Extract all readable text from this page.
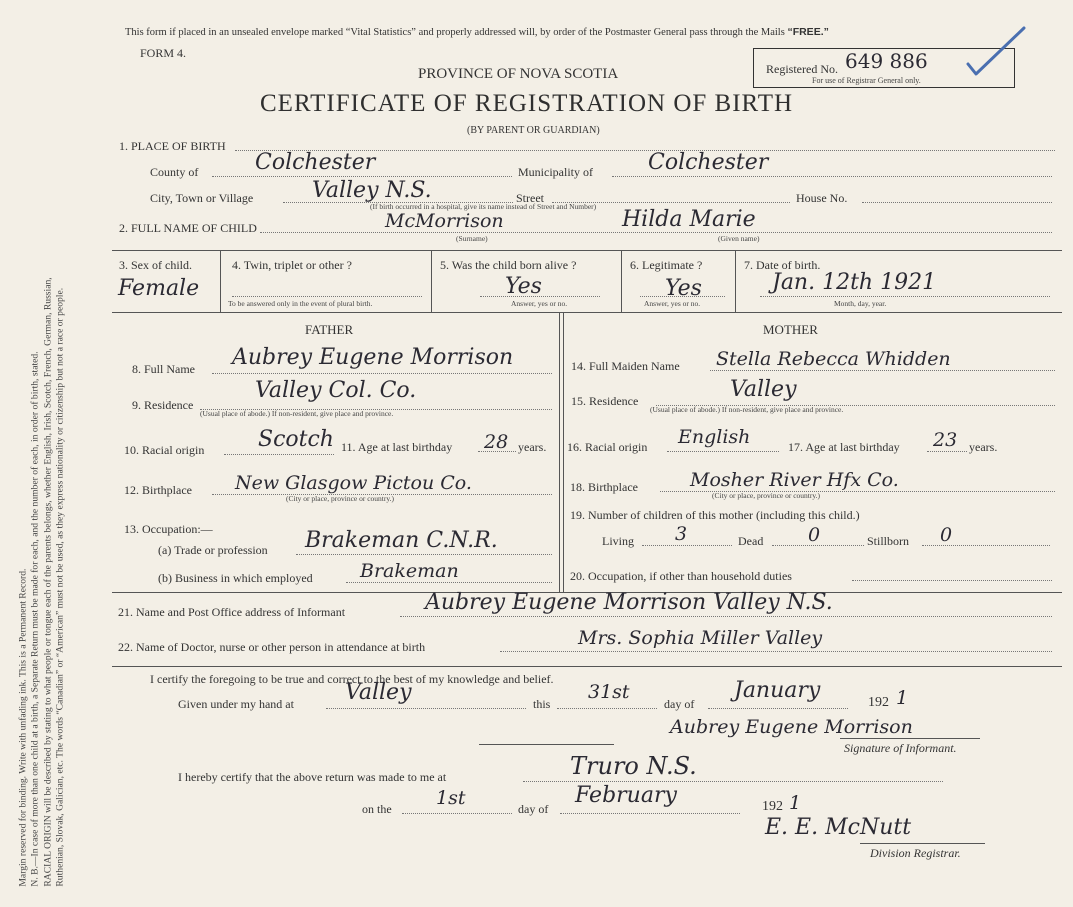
Margin reserved for binding. Write with unfading ink. This is a Permanent Record. N. B.—In case of more than one child at a birth, a Separate Return must be made for each, and the number of each, in order of birth, stated. RACIAL ORIGIN will be described by stating to what people or tongue each of the parents belongs, whether English, Irish, Scotch, French, German, Russian, Ruthenian, Slovak, Galician, etc. The words “Canadian” or “American” must not be used, as they express nationality or citizenship but not a race or people.
This form if placed in an unsealed envelope marked “Vital Statistics” and properly addressed will, by order of the Postmaster General pass through the Mails “FREE.”
FORM 4.
PROVINCE OF NOVA SCOTIA
CERTIFICATE OF REGISTRATION OF BIRTH
(BY PARENT OR GUARDIAN)
Registered No. 649 886
For use of Registrar General only.
1. PLACE OF BIRTH
County of	Colchester	Municipality of	Colchester
City, Town or Village	Valley N.S.	Street	House No.
(If birth occurred in a hospital, give its name instead of Street and Number)
2. FULL NAME OF CHILD	McMorrison	Hilda Marie
(Surname)	(Given name)
3. Sex of child.
Female
4. Twin, triplet or other ?
To be answered only in the event of plural birth.
5. Was the child born alive ?
Yes
Answer, yes or no.
6. Legitimate ?
Yes
Answer, yes or no.
7. Date of birth.
Jan. 12th 1921
Month, day, year.
FATHER
8. Full Name Aubrey Eugene Morrison
9. Residence
Valley Col. Co.
(Usual place of abode.) If non-resident, give place and province.
10. Racial origin Scotch 11. Age at last birthday 28 years.
12. Birthplace New Glasgow Pictou Co.
(City or place, province or country.)
13. Occupation:—
(a) Trade or profession Brakeman C.N.R.
(b) Business in which employed Brakeman
MOTHER
14. Full Maiden Name Stella Rebecca Whidden
15. Residence	Valley
(Usual place of abode.) If non-resident, give place and province.
16. Racial origin English	17. Age at last birthday 23 years.
18. Birthplace	Mosher River Hfx Co.
(City or place, province or country.)
19. Number of children of this mother (including this child.)
Living 3	Dead 0	Stillborn 0
20. Occupation, if other than household duties
21. Name and Post Office address of Informant	Aubrey Eugene Morrison Valley N.S.
22. Name of Doctor, nurse or other person in attendance at birth	Mrs. Sophia Miller Valley
I certify the foregoing to be true and correct to the best of my knowledge and belief.
Given under my hand at Valley	this
31st
day of
January	192 1
Aubrey Eugene Morrison
Signature of Informant.
I hereby certify that the above return was made to me at	Truro N.S.
on the 1st	day of
February	192 1
E. E. McNutt
Division Registrar.
